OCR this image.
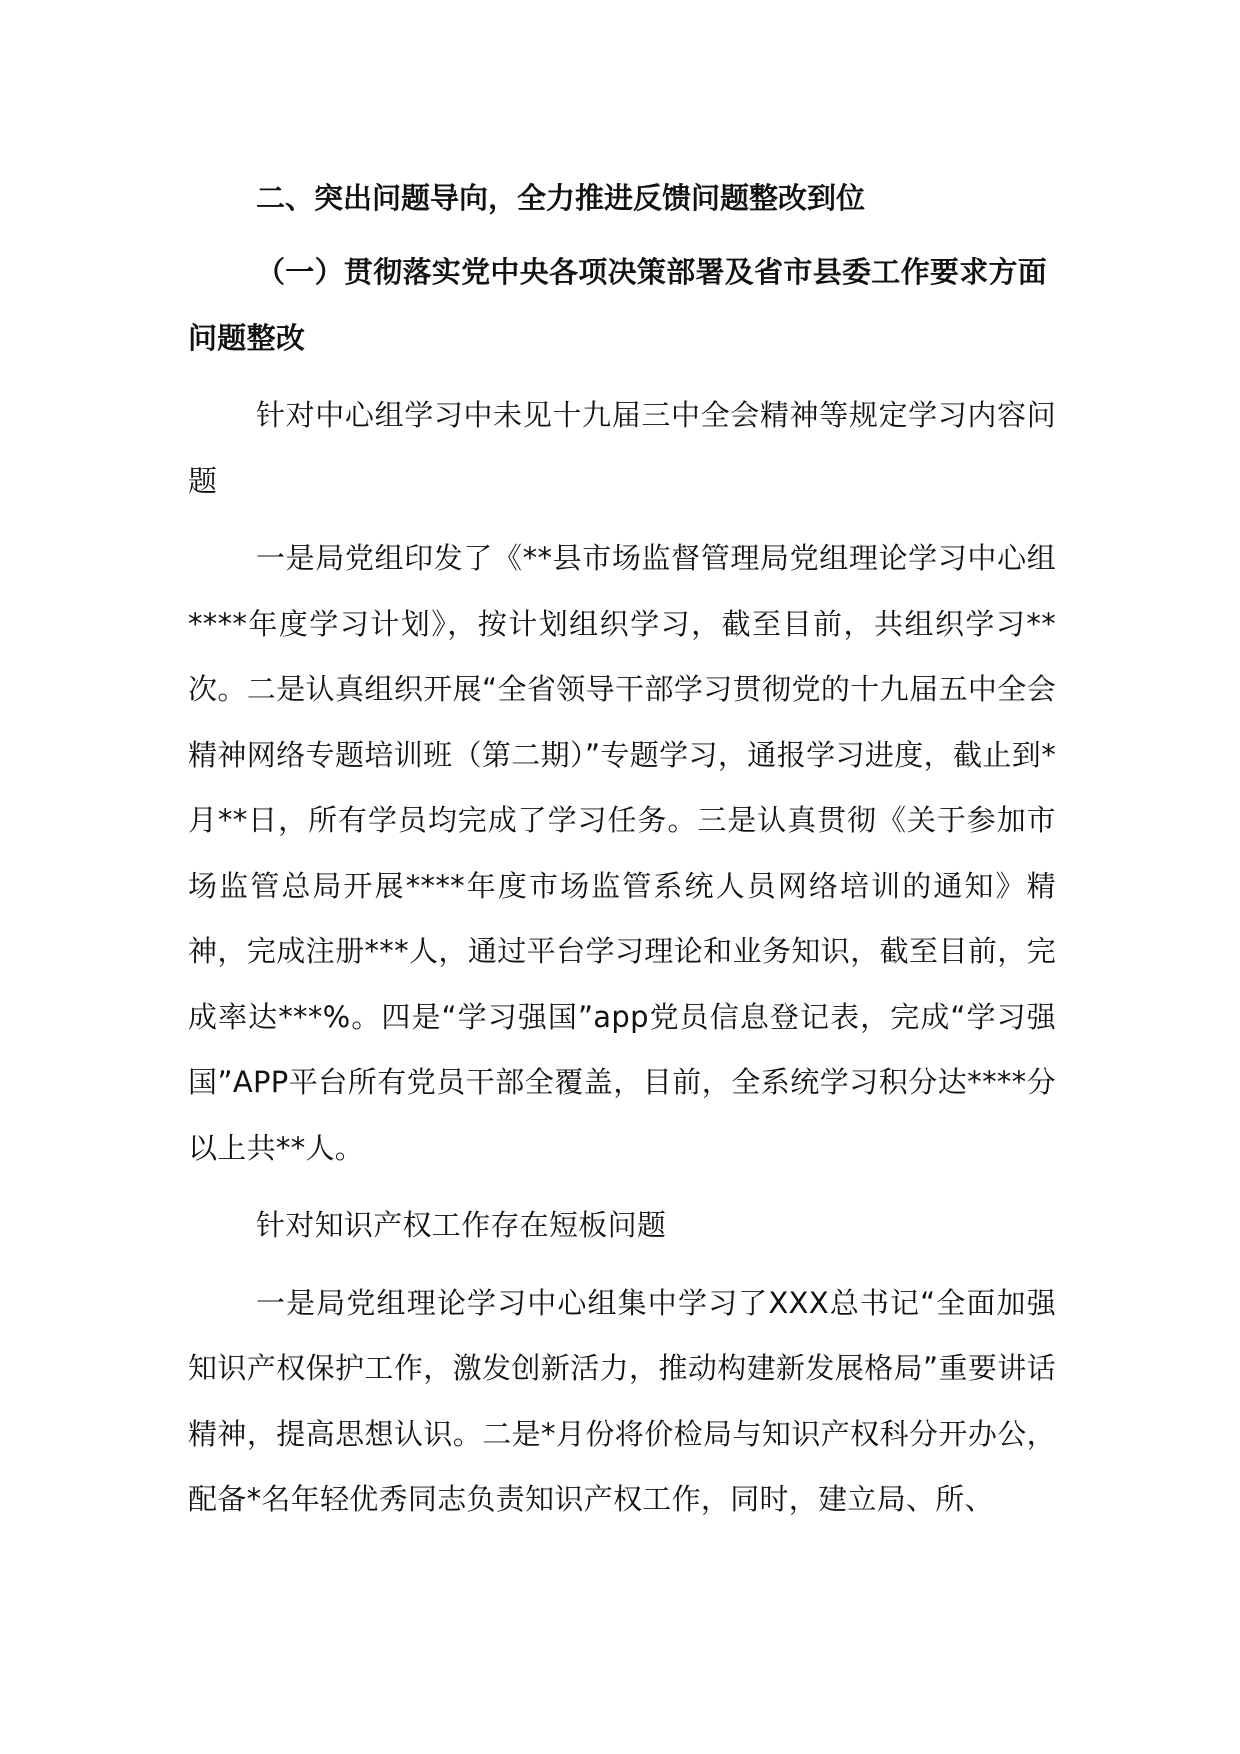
二、突出问题导向，全力推进反馈问题整改到位

（一）贯彻落实党中央各项决策部署及省市县委工作要求方面问题整改

针对中心组学习中未见十九届三中全会精神等规定学习内容问题

一是局党组印发了《**县市场监督管理局党组理论学习中心组****年度学习计划》，按计划组织学习，截至目前，共组织学习**次。二是认真组织开展“全省领导干部学习贯彻党的十九届五中全会精神网络专题培训班（第二期）”专题学习，通报学习进度，截止到*月**日，所有学员均完成了学习任务。三是认真贯彻《关于参加市场监管总局开展****年度市场监管系统人员网络培训的通知》精神，完成注册***人，通过平台学习理论和业务知识，截至目前，完成率达***%。四是“学习强国”app党员信息登记表，完成“学习强国”APP平台所有党员干部全覆盖，目前，全系统学习积分达****分以上共**人。

针对知识产权工作存在短板问题

一是局党组理论学习中心组集中学习了XXX总书记“全面加强知识产权保护工作，激发创新活力，推动构建新发展格局”重要讲话精神，提高思想认识。二是*月份将价检局与知识产权科分开办公，配备*名年轻优秀同志负责知识产权工作，同时，建立局、所、
